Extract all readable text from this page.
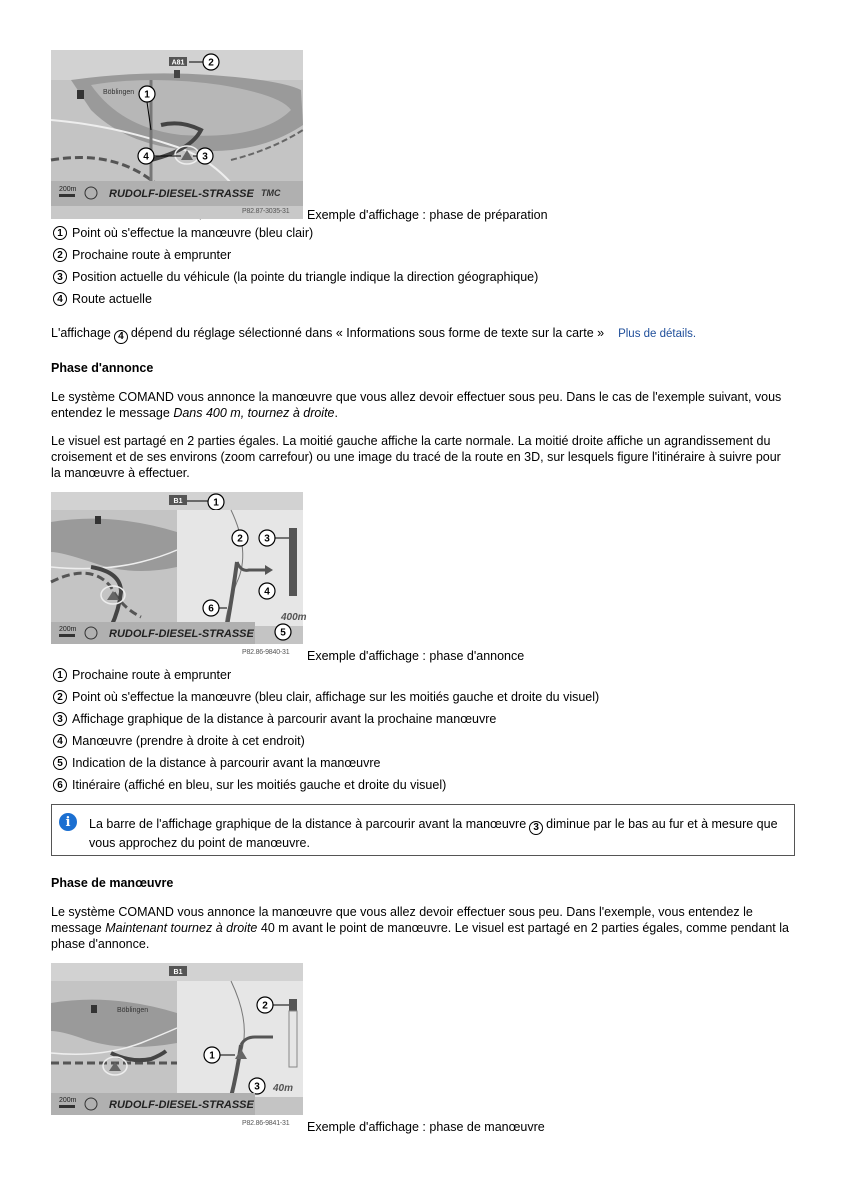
A81
Böblingen
2
1
4	3
200m	RUDOLF-DIESEL-STRASSE TMC
P82.87-3035-31 Exemple d'affichage : phase de préparation
1 Point où s'effectue la manœuvre (bleu clair)
2 Prochaine route à emprunter
3 Position actuelle du véhicule (la pointe du triangle indique la direction géographique)
4 Route actuelle
L'affichage 4 dépend du réglage sélectionné dans « Informations sous forme de texte sur la carte » Plus de détails.
Phase d'annonce
Le système COMAND vous annonce la manœuvre que vous allez devoir effectuer sous peu. Dans le cas de l'exemple suivant, vous entendez le message Dans 400 m, tournez à droite.
Le visuel est partagé en 2 parties égales. La moitié gauche affiche la carte normale. La moitié droite affiche un agrandissement du croisement et de ses environs (zoom carrefour) ou une image du tracé de la route en 3D, sur lesquels figure l'itinéraire à suivre pour la manœuvre à effectuer.
B1	1
400m
2 3
4
6
200m	RUDOLF-DIESEL-STRASSE	5
P82.86-9840-31 Exemple d'affichage : phase d'annonce
1 Prochaine route à emprunter
2 Point où s'effectue la manœuvre (bleu clair, affichage sur les moitiés gauche et droite du visuel)
3 Affichage graphique de la distance à parcourir avant la prochaine manœuvre
4 Manœuvre (prendre à droite à cet endroit)
5 Indication de la distance à parcourir avant la manœuvre
6 Itinéraire (affiché en bleu, sur les moitiés gauche et droite du visuel)
i	La barre de l'affichage graphique de la distance à parcourir avant la manœuvre 3 diminue par le bas au fur et à mesure que vous approchez du point de manœuvre.
Phase de manœuvre
Le système COMAND vous annonce la manœuvre que vous allez devoir effectuer sous peu. Dans l'exemple, vous entendez le message Maintenant tournez à droite 40 m avant le point de manœuvre. Le visuel est partagé en 2 parties égales, comme pendant la phase d'annonce.
B1
Böblingen
40m
2
1
3
200m	RUDOLF-DIESEL-STRASSE
P82.86-9841-31 Exemple d'affichage : phase de manœuvre
